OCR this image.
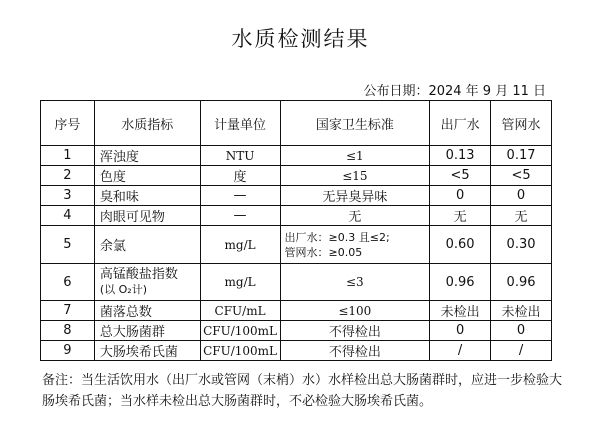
水质检测结果
公布日期：2024 年 9 月 11 日
序号	水质指标	计量单位	国家卫生标准	出厂水	管网水
1	浑浊度	NTU	≤1	0.13	0.17
2	色度	度	≤15	<5	<5
3	臭和味	—	无异臭异味	0	0
4	肉眼可见物	—	无	无	无
5	余氯	mg/L	出厂水：≥0.3 且≤2;
管网水：≥0.05	0.60	0.30
6	高锰酸盐指数
(以 O₂计)	mg/L	≤3	0.96	0.96
7	菌落总数	CFU/mL	≤100	未检出	未检出
8	总大肠菌群	CFU/100mL	不得检出	0	0
9	大肠埃希氏菌	CFU/100mL	不得检出	/	/
备注：当生活饮用水（出厂水或管网（末梢）水）水样检出总大肠菌群时，应进一步检验大
肠埃希氏菌；当水样未检出总大肠菌群时，不必检验大肠埃希氏菌。
